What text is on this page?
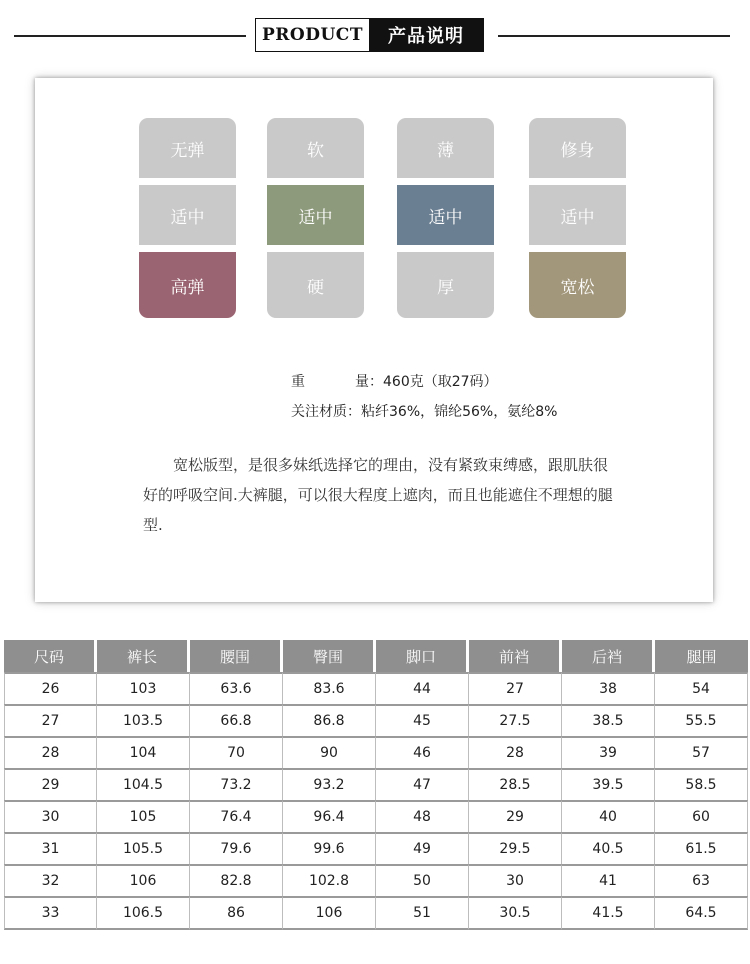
PRODUCT	产品说明
无弹
适中
高弹
软
适中
硬
薄
适中
厚
修身
适中
宽松
重	量 ：460克（取27码）
关注材质 ：粘纤36%，锦纶56%，氨纶8%
宽松版型，是很多妹纸选择它的理由，没有紧致束缚感，跟肌肤很好的呼吸空间.大裤腿，可以很大程度上遮肉，而且也能遮住不理想的腿型.
尺码	裤长	腰围	臀围	脚口	前裆	后裆	腿围
26	103	63.6	83.6	44	27	38	54
27	103.5	66.8	86.8	45	27.5	38.5	55.5
28	104	70	90	46	28	39	57
29	104.5	73.2	93.2	47	28.5	39.5	58.5
30	105	76.4	96.4	48	29	40	60
31	105.5	79.6	99.6	49	29.5	40.5	61.5
32	106	82.8	102.8	50	30	41	63
33	106.5	86	106	51	30.5	41.5	64.5
